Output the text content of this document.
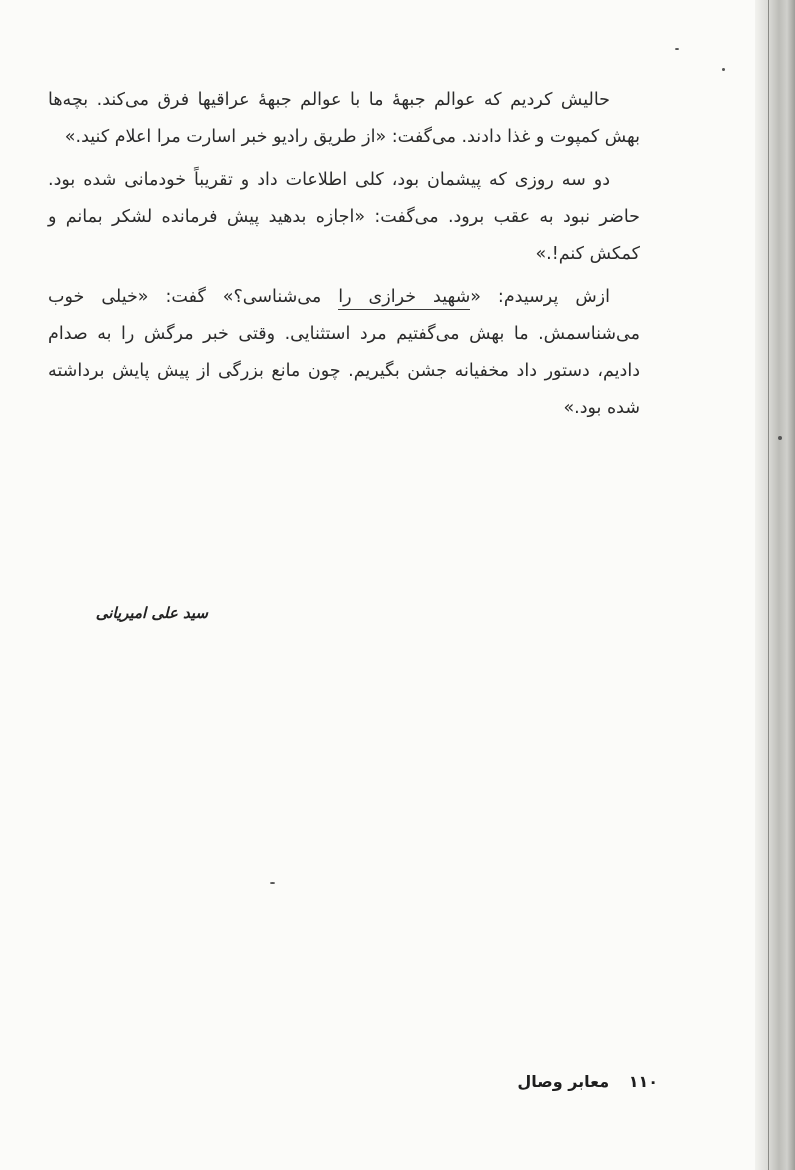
حالیش کردیم که عوالم جبههٔ ما با عوالم جبههٔ عراقیها فرق می‌کند. بچه‌ها بهش کمپوت و غذا دادند. می‌گفت: «از طریق رادیو خبر اسارت مرا اعلام کنید.»

دو سه روزی که پیشمان بود، کلی اطلاعات داد و تقریباً خودمانی شده بود. حاضر نبود به عقب برود. می‌گفت: «اجازه بدهید پیش فرمانده لشکر بمانم و کمکش کنم!.»

ازش پرسیدم: «شهید خرازی را می‌شناسی؟» گفت: «خیلی خوب می‌شناسمش. ما بهش می‌گفتیم مرد استثنایی. وقتی خبر مرگش را به صدام دادیم، دستور داد مخفیانه جشن بگیریم. چون مانع بزرگی از پیش پایش برداشته شده بود.»

سید علی امیریانی
۱۱۰ معابر وصال
